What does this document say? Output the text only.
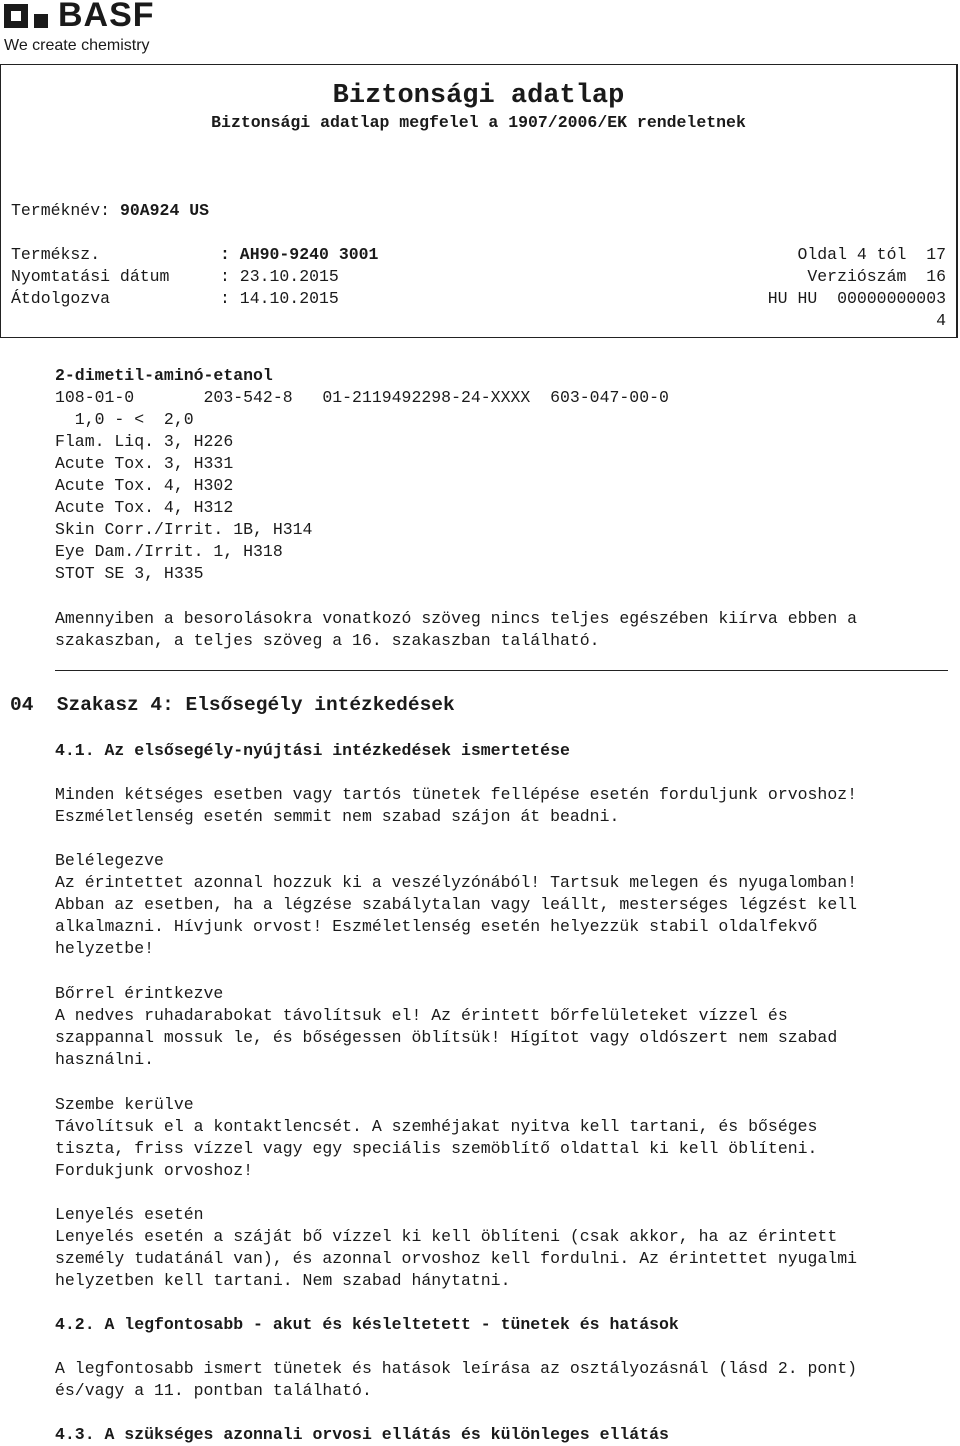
BASF
We create chemistry
Biztonsági adatlap
Biztonsági adatlap megfelel a 1907/2006/EK rendeletnek
Terméknév: 90A924 US
Terméksz.	: AH90-9240 3001	Oldal 4 tól  17
Nyomtatási dátum	: 23.10.2015	Verziószám  16
Átdolgozva	: 14.10.2015	HU HU  00000000003
4
2-dimetil-aminó-etanol
108-01-0       203-542-8   01-2119492298-24-XXXX  603-047-00-0
1,0 - <  2,0
Flam. Liq. 3, H226
Acute Tox. 3, H331
Acute Tox. 4, H302
Acute Tox. 4, H312
Skin Corr./Irrit. 1B, H314
Eye Dam./Irrit. 1, H318
STOT SE 3, H335
Amennyiben a besorolásokra vonatkozó szöveg nincs teljes egészében kiírva ebben a
szakaszban, a teljes szöveg a 16. szakaszban található.
04  Szakasz 4: Elsősegély intézkedések
4.1. Az elsősegély-nyújtási intézkedések ismertetése
Minden kétséges esetben vagy tartós tünetek fellépése esetén forduljunk orvoshoz!
Eszméletlenség esetén semmit nem szabad szájon át beadni.
Belélegezve
Az érintettet azonnal hozzuk ki a veszélyzónából! Tartsuk melegen és nyugalomban!
Abban az esetben, ha a légzése szabálytalan vagy leállt, mesterséges légzést kell
alkalmazni. Hívjunk orvost! Eszméletlenség esetén helyezzük stabil oldalfekvő
helyzetbe!
Bőrrel érintkezve
A nedves ruhadarabokat távolítsuk el! Az érintett bőrfelületeket vízzel és
szappannal mossuk le, és bőségessen öblítsük! Hígítot vagy oldószert nem szabad
használni.
Szembe kerülve
Távolítsuk el a kontaktlencsét. A szemhéjakat nyitva kell tartani, és bőséges
tiszta, friss vízzel vagy egy speciális szemöblítő oldattal ki kell öblíteni.
Fordukjunk orvoshoz!
Lenyelés esetén
Lenyelés esetén a száját bő vízzel ki kell öblíteni (csak akkor, ha az érintett
személy tudatánál van), és azonnal orvoshoz kell fordulni. Az érintettet nyugalmi
helyzetben kell tartani. Nem szabad hánytatni.
4.2. A legfontosabb - akut és késleltetett - tünetek és hatások
A legfontosabb ismert tünetek és hatások leírása az osztályozásnál (lásd 2. pont)
és/vagy a 11. pontban található.
4.3. A szükséges azonnali orvosi ellátás és különleges ellátás
